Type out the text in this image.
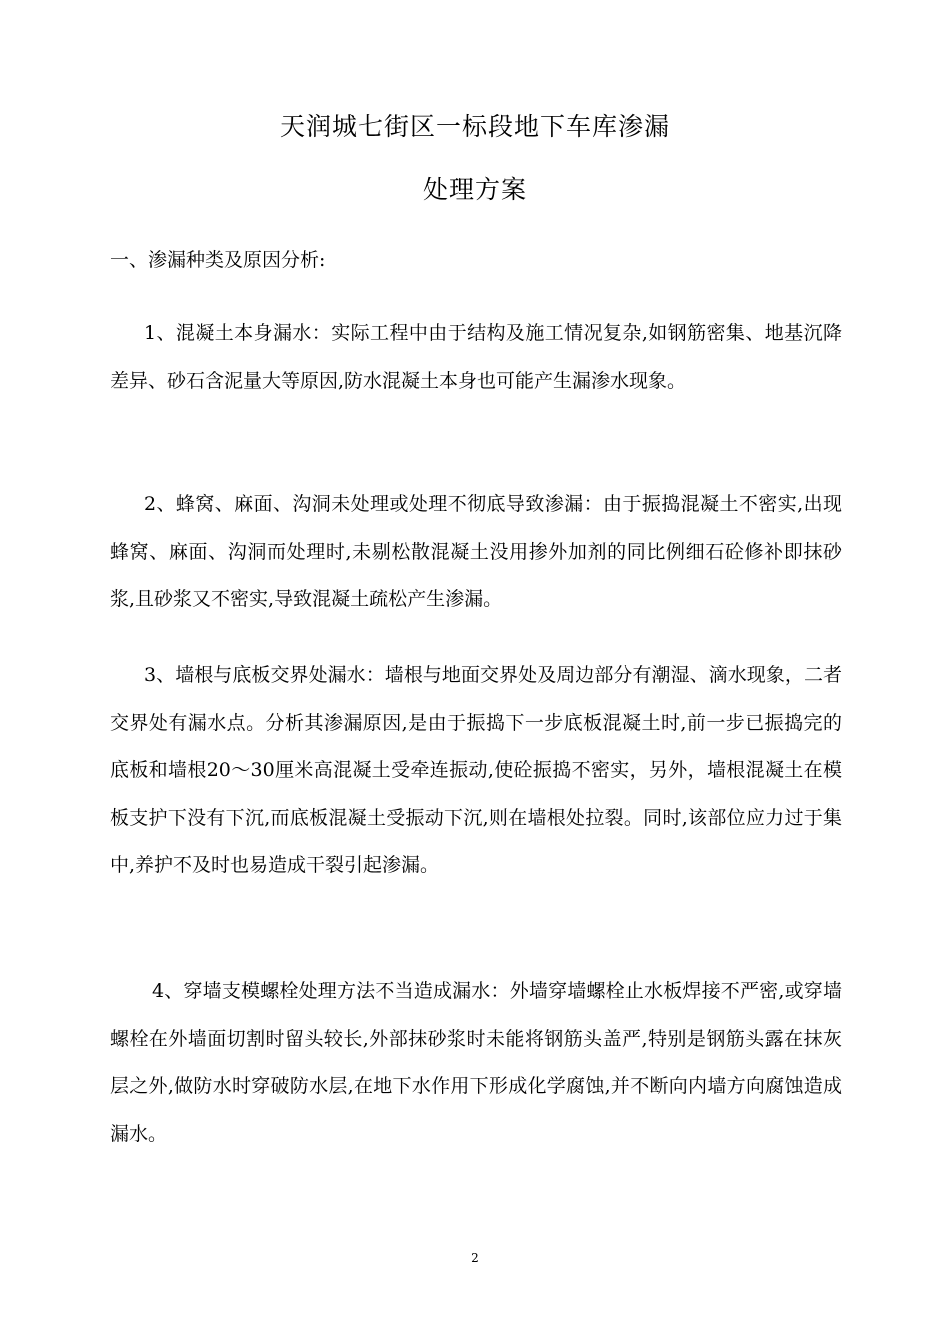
天润城七街区一标段地下车库渗漏
处理方案
一、渗漏种类及原因分析:

1、混凝土本身漏水：实际工程中由于结构及施工情况复杂,如钢筋密集、地基沉降差异、砂石含泥量大等原因,防水混凝土本身也可能产生漏渗水现象。

2、蜂窝、麻面、沟洞未处理或处理不彻底导致渗漏：由于振捣混凝土不密实,出现蜂窝、麻面、沟洞而处理时,未剔松散混凝土没用掺外加剂的同比例细石砼修补即抹砂浆,且砂浆又不密实,导致混凝土疏松产生渗漏。

3、墙根与底板交界处漏水：墙根与地面交界处及周边部分有潮湿、滴水现象，二者交界处有漏水点。分析其渗漏原因,是由于振捣下一步底板混凝土时,前一步已振捣完的底板和墙根20～30厘米高混凝土受牵连振动,使砼振捣不密实，另外，墙根混凝土在模板支护下没有下沉,而底板混凝土受振动下沉,则在墙根处拉裂。同时,该部位应力过于集中,养护不及时也易造成干裂引起渗漏。

4、穿墙支模螺栓处理方法不当造成漏水：外墙穿墙螺栓止水板焊接不严密,或穿墙螺栓在外墙面切割时留头较长,外部抹砂浆时未能将钢筋头盖严,特别是钢筋头露在抹灰层之外,做防水时穿破防水层,在地下水作用下形成化学腐蚀,并不断向内墙方向腐蚀造成漏水。

2
